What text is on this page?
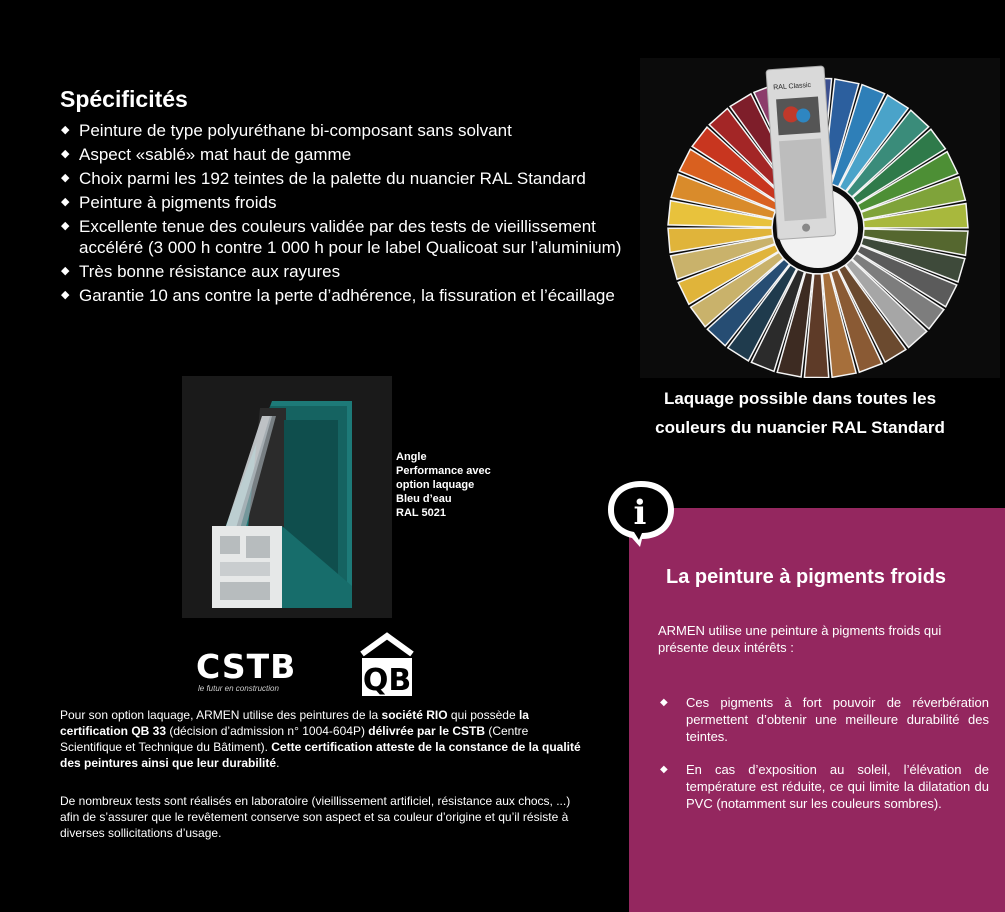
Spécificités
◆ Peinture de type polyuréthane bi-composant sans solvant
◆ Aspect «sablé» mat haut de gamme
◆ Choix parmi les 192 teintes de la palette du nuancier RAL Standard
◆ Peinture à pigments froids
◆ Excellente tenue des couleurs validée par des tests de vieillissement accéléré (3 000 h contre 1 000 h pour le label Qualicoat sur l’aluminium)
◆ Très bonne résistance aux rayures
◆ Garantie 10 ans contre la perte d’adhérence, la fissuration et l’écaillage
RAL Classic
Laquage possible dans toutes les
couleurs du nuancier RAL Standard
Angle
Performance avec
option laquage
Bleu d’eau
RAL 5021
CSTB
le futur en construction	QB

Pour son option laquage, ARMEN utilise des peintures de la société RIO qui possède la certification QB 33 (décision d’admission n° 1004-604P) délivrée par le CSTB (Centre Scientifique et Technique du Bâtiment). Cette certification atteste de la constance de la qualité des peintures ainsi que leur durabilité.

De nombreux tests sont réalisés en laboratoire (vieillissement artificiel, résistance aux chocs, ...) afin de s’assurer que le revêtement conserve son aspect et sa couleur d’origine et qu’il résiste à diverses sollicitations d’usage.

i
La peinture à pigments froids

ARMEN utilise une peinture à pigments froids qui présente deux intérêts :

◆ Ces pigments à fort pouvoir de réverbération permettent d’obtenir une meilleure durabilité des teintes.
◆ En cas d’exposition au soleil, l’élévation de température est réduite, ce qui limite la dilatation du PVC (notamment sur les couleurs sombres).
